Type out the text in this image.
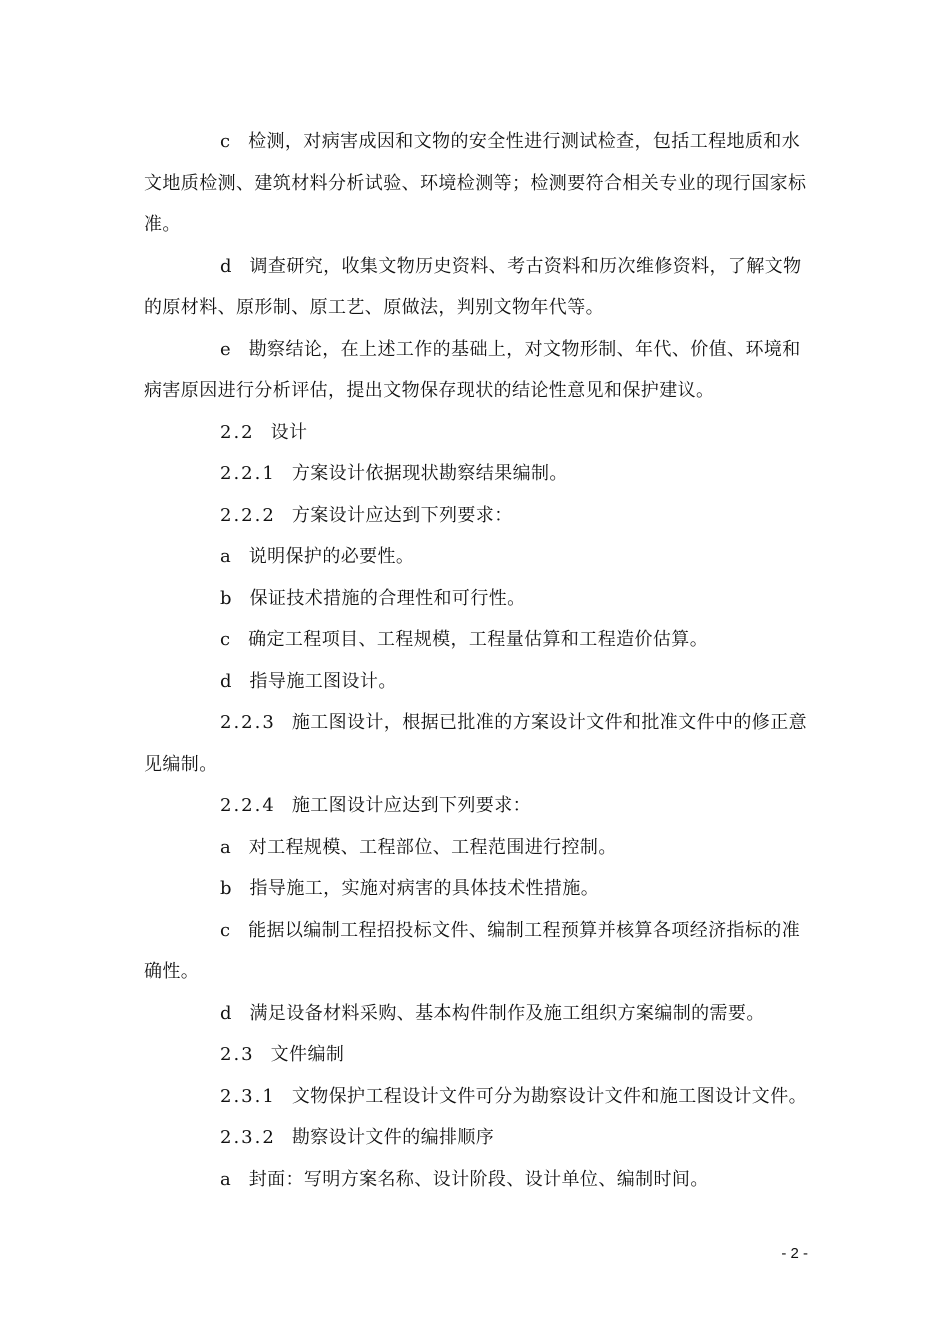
c 检测，对病害成因和文物的安全性进行测试检查，包括工程地质和水文地质检测、建筑材料分析试验、环境检测等；检测要符合相关专业的现行国家标准。

d 调查研究，收集文物历史资料、考古资料和历次维修资料，了解文物的原材料、原形制、原工艺、原做法，判别文物年代等。

e 勘察结论，在上述工作的基础上，对文物形制、年代、价值、环境和病害原因进行分析评估，提出文物保存现状的结论性意见和保护建议。

2.2 设计

2.2.1 方案设计依据现状勘察结果编制。

2.2.2 方案设计应达到下列要求：

a 说明保护的必要性。

b 保证技术措施的合理性和可行性。

c 确定工程项目、工程规模，工程量估算和工程造价估算。

d 指导施工图设计。

2.2.3 施工图设计，根据已批准的方案设计文件和批准文件中的修正意见编制。

2.2.4 施工图设计应达到下列要求：

a 对工程规模、工程部位、工程范围进行控制。

b 指导施工，实施对病害的具体技术性措施。

c 能据以编制工程招投标文件、编制工程预算并核算各项经济指标的准确性。

d 满足设备材料采购、基本构件制作及施工组织方案编制的需要。

2.3 文件编制

2.3.1 文物保护工程设计文件可分为勘察设计文件和施工图设计文件。

2.3.2 勘察设计文件的编排顺序

a 封面：写明方案名称、设计阶段、设计单位、编制时间。

- 2 -
